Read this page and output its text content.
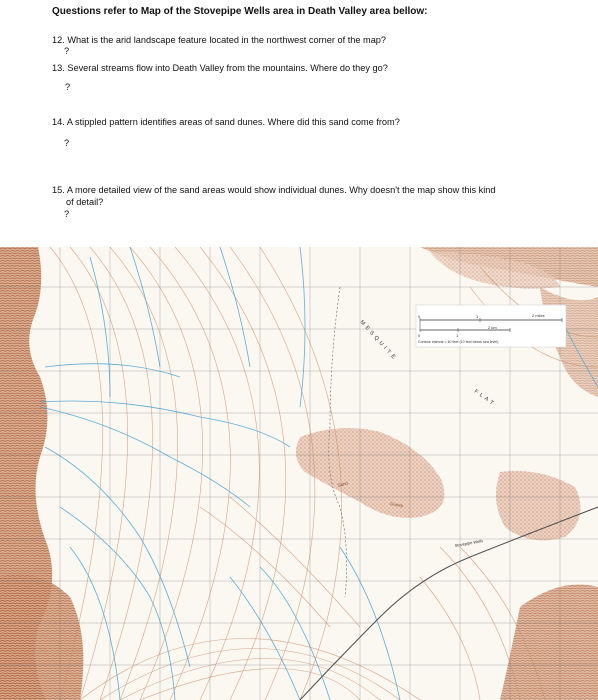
Questions refer to Map of the Stovepipe Wells area in Death Valley area bellow:
12. What is the arid landscape feature located in the northwest corner of the map?
?
13. Several streams flow into Death Valley from the mountains. Where do they go?
?
14. A stippled pattern identifies areas of sand dunes. Where did this sand come from?
?
15. A more detailed view of the sand areas would show individual dunes. Why doesn't the map show this kind
of detail?
?
0	1	2 miles
0	1
2 km
Contour interval = 40 feet (10 feet below sea level)
MESQUITE
FLAT
Sand
Dunes
Stovepipe Wells
